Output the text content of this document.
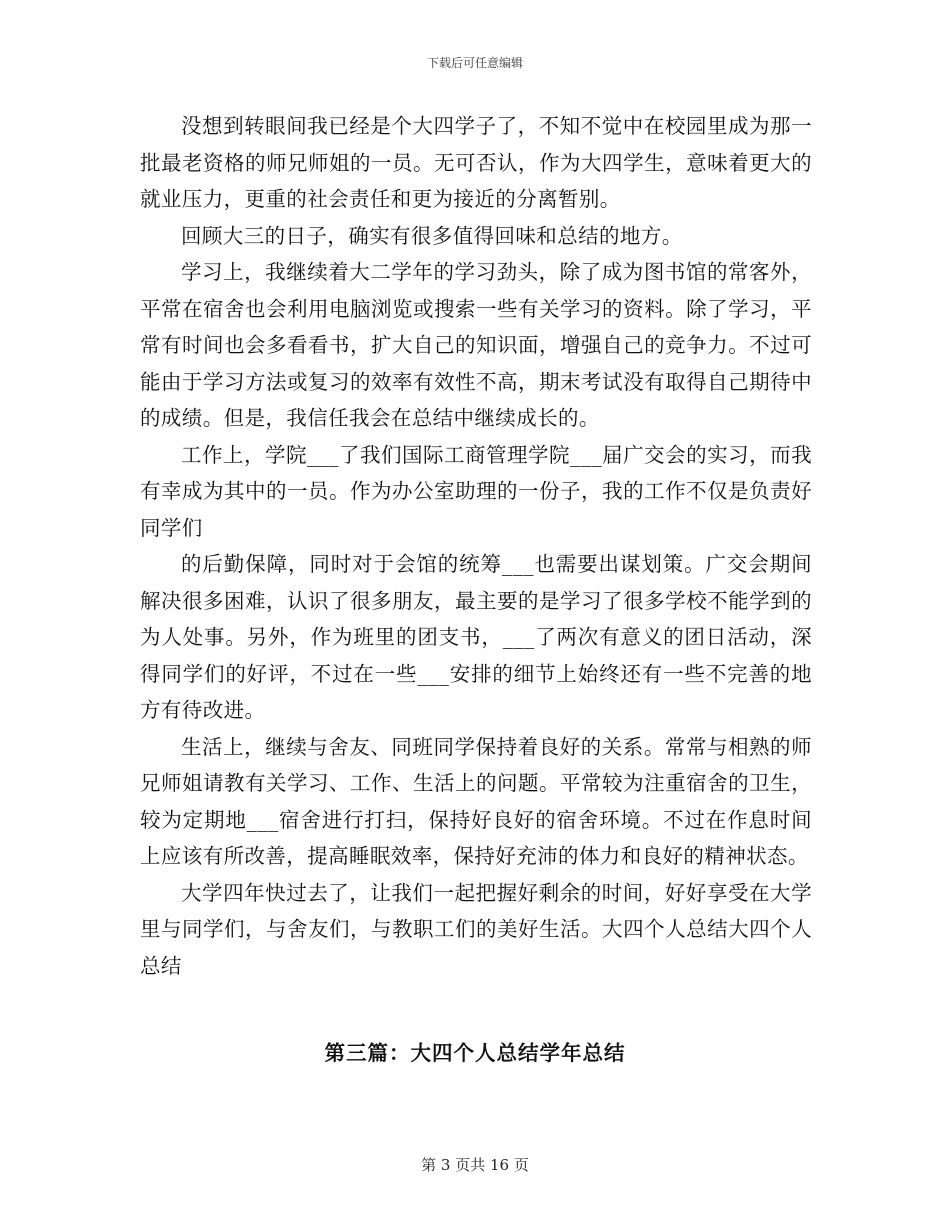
下载后可任意编辑

没想到转眼间我已经是个大四学子了，不知不觉中在校园里成为那一批最老资格的师兄师姐的一员。无可否认，作为大四学生，意味着更大的就业压力，更重的社会责任和更为接近的分离暂别。

回顾大三的日子，确实有很多值得回味和总结的地方。

学习上，我继续着大二学年的学习劲头，除了成为图书馆的常客外，平常在宿舍也会利用电脑浏览或搜索一些有关学习的资料。除了学习，平常有时间也会多看看书，扩大自己的知识面，增强自己的竞争力。不过可能由于学习方法或复习的效率有效性不高，期末考试没有取得自己期待中的成绩。但是，我信任我会在总结中继续成长的。

工作上，学院___了我们国际工商管理学院___届广交会的实习，而我有幸成为其中的一员。作为办公室助理的一份子，我的工作不仅是负责好同学们

的后勤保障，同时对于会馆的统筹___也需要出谋划策。广交会期间解决很多困难，认识了很多朋友，最主要的是学习了很多学校不能学到的为人处事。另外，作为班里的团支书，___了两次有意义的团日活动，深得同学们的好评，不过在一些___安排的细节上始终还有一些不完善的地方有待改进。

生活上，继续与舍友、同班同学保持着良好的关系。常常与相熟的师兄师姐请教有关学习、工作、生活上的问题。平常较为注重宿舍的卫生，较为定期地___宿舍进行打扫，保持好良好的宿舍环境。不过在作息时间上应该有所改善，提高睡眠效率，保持好充沛的体力和良好的精神状态。

大学四年快过去了，让我们一起把握好剩余的时间，好好享受在大学里与同学们，与舍友们，与教职工们的美好生活。大四个人总结大四个人总结

第三篇：大四个人总结学年总结
第 3 页共 16 页
